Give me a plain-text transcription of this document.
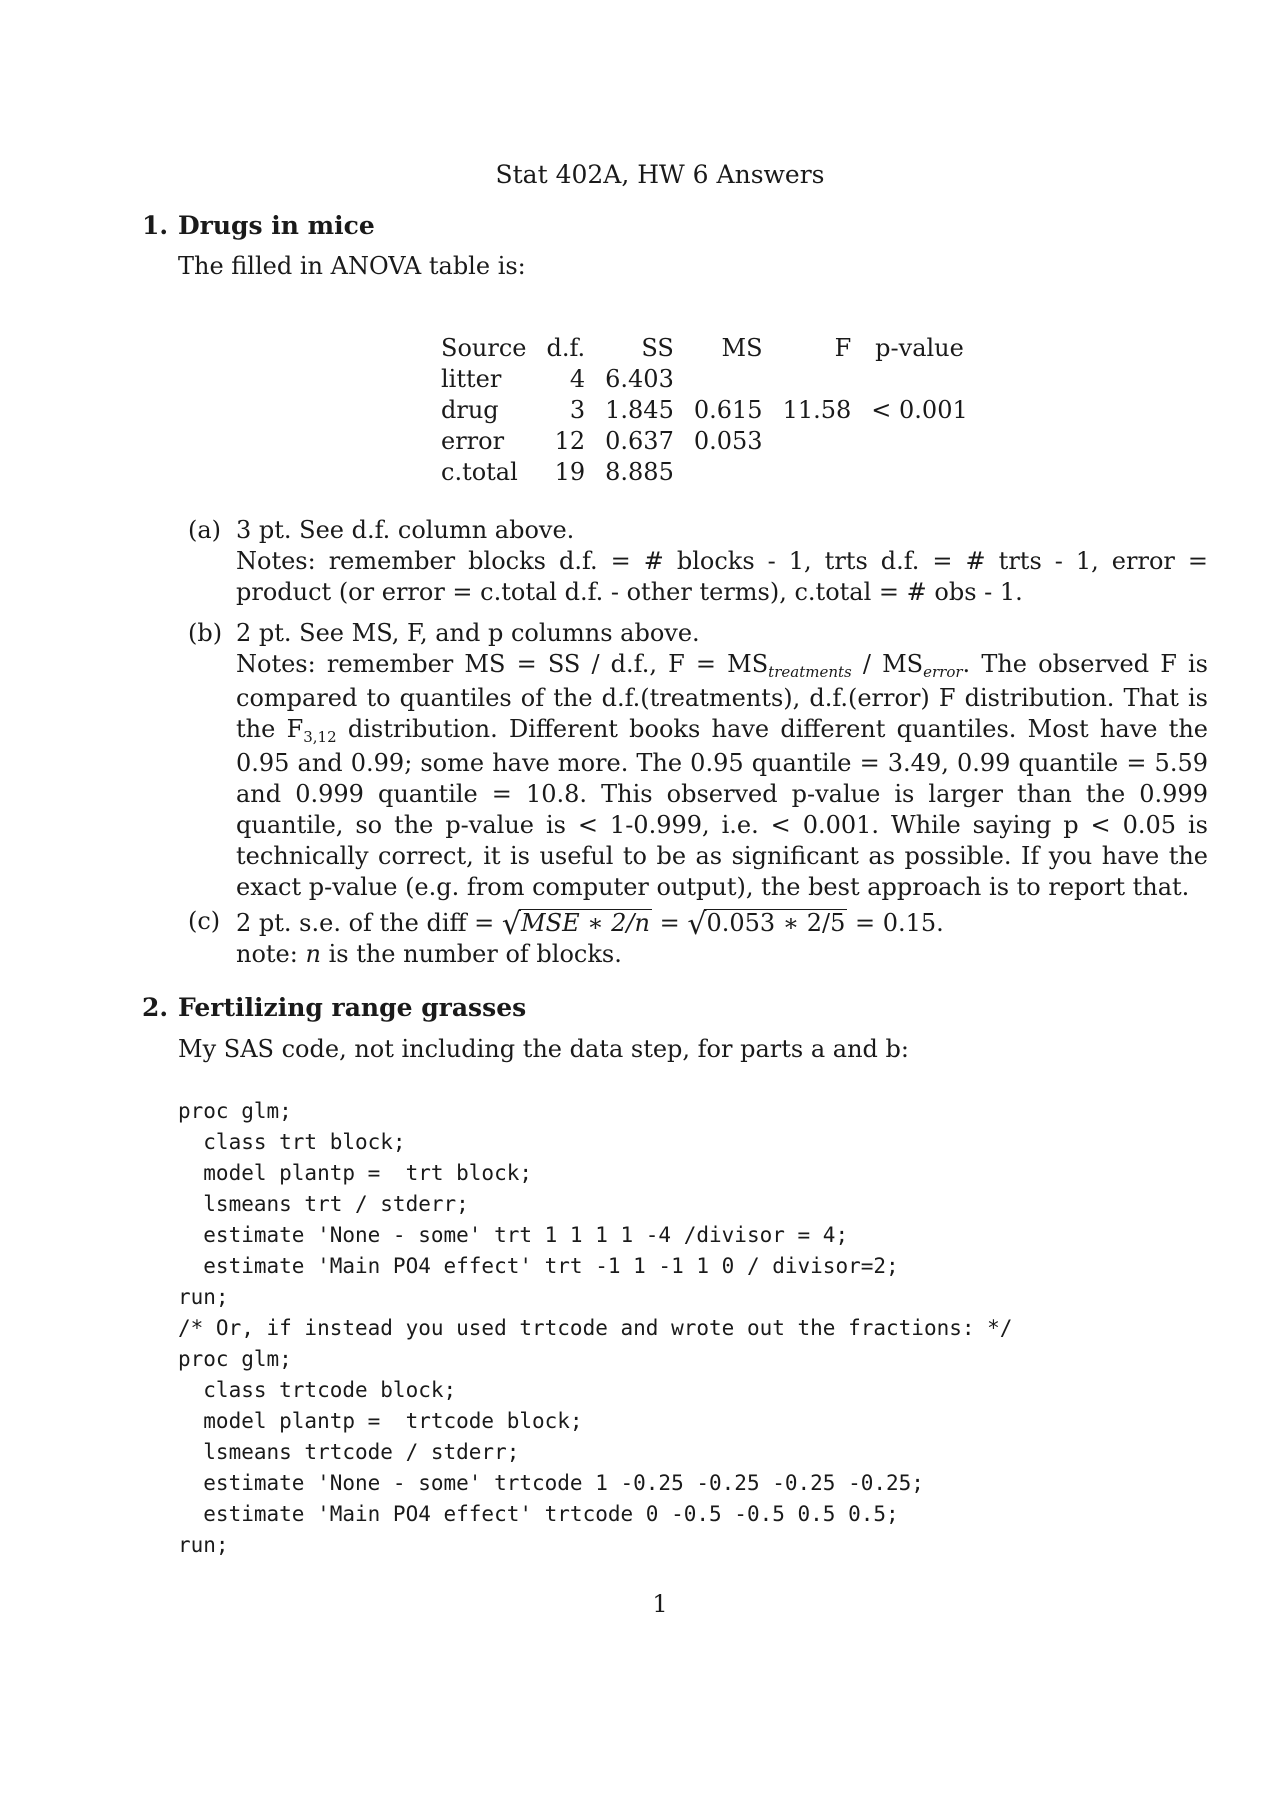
Stat 402A, HW 6 Answers
1. Drugs in mice
The filled in ANOVA table is:
Source	d.f.	SS	MS	F	p-value
litter	4	6.403			
drug	3	1.845	0.615	11.58	< 0.001
error	12	0.637	0.053		
c.total	19	8.885			
(a) 3 pt. See d.f. column above.
Notes: remember blocks d.f. = # blocks - 1, trts d.f. = # trts - 1, error = product (or error = c.total d.f. - other terms), c.total = # obs - 1.
(b) 2 pt. See MS, F, and p columns above.
Notes: remember MS = SS / d.f., $F = MS_{treatments} / MS_{error}$. The observed F is compared to quantiles of the d.f.(treatments), d.f.(error) F distribution. That is the $F_{3,12}$ distribution. Different books have different quantiles. Most have the 0.95 and 0.99; some have more. The 0.95 quantile = 3.49, 0.99 quantile = 5.59 and 0.999 quantile = 10.8. This observed p-value is larger than the 0.999 quantile, so the p-value is < 1-0.999, i.e. < 0.001. While saying p < 0.05 is technically correct, it is useful to be as significant as possible. If you have the exact p-value (e.g. from computer output), the best approach is to report that.
(c) 2 pt. s.e. of the diff = √MSE ∗ 2/n = √0.053 ∗ 2/5 = 0.15.
note: n is the number of blocks.
2. Fertilizing range grasses
My SAS code, not including the data step, for parts a and b:
proc glm;
class trt block;
model plantp =  trt block;
lsmeans trt / stderr;
estimate 'None - some' trt 1 1 1 1 -4 /divisor = 4;
estimate 'Main PO4 effect' trt -1 1 -1 1 0 / divisor=2;
run;
/* Or, if instead you used trtcode and wrote out the fractions: */
proc glm;
class trtcode block;
model plantp =  trtcode block;
lsmeans trtcode / stderr;
estimate 'None - some' trtcode 1 -0.25 -0.25 -0.25 -0.25;
estimate 'Main PO4 effect' trtcode 0 -0.5 -0.5 0.5 0.5;
run;
1
